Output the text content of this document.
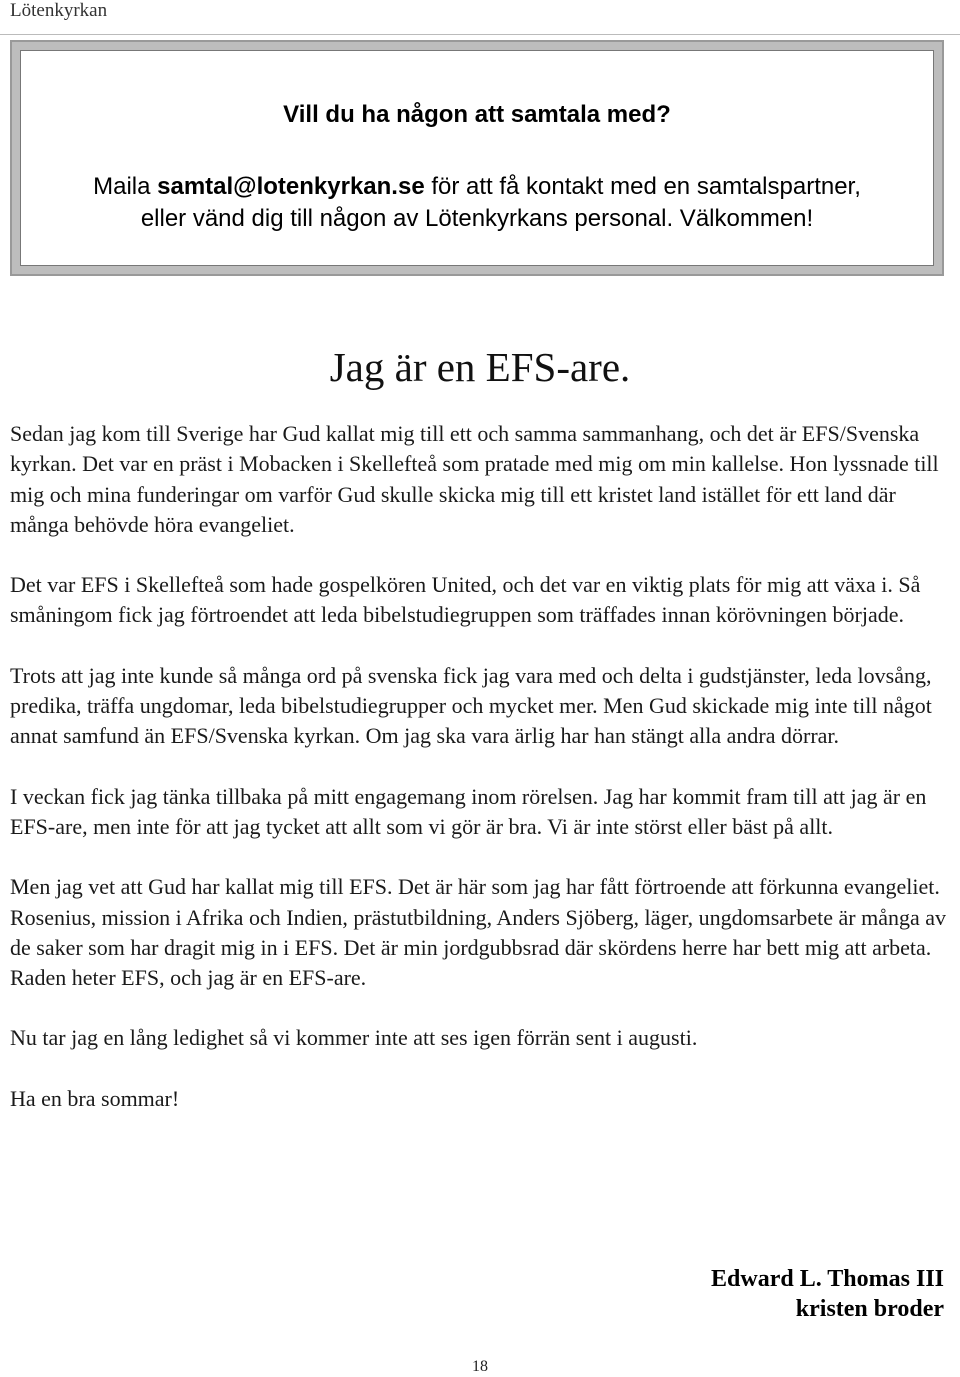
Lötenkyrkan
Vill du ha någon att samtala med?
Maila samtal@lotenkyrkan.se för att få kontakt med en samtalspartner,
eller vänd dig till någon av Lötenkyrkans personal. Välkommen!
Jag är en EFS-are.

Sedan jag kom till Sverige har Gud kallat mig till ett och samma sammanhang, och det är EFS/Svenska kyrkan. Det var en präst i Mobacken i Skellefteå som pratade med mig om min kallelse. Hon lyssnade till mig och mina funderingar om varför Gud skulle skicka mig till ett kristet land istället för ett land där många behövde höra evangeliet.

Det var EFS i Skellefteå som hade gospelkören United, och det var en viktig plats för mig att växa i. Så småningom fick jag förtroendet att leda bibelstudiegruppen som träffades innan körövningen började.

Trots att jag inte kunde så många ord på svenska fick jag vara med och delta i gudstjänster, leda lovsång, predika, träffa ungdomar, leda bibelstudiegrupper och mycket mer. Men Gud skickade mig inte till något annat samfund än EFS/Svenska kyrkan. Om jag ska vara ärlig har han stängt alla andra dörrar.

I veckan fick jag tänka tillbaka på mitt engagemang inom rörelsen. Jag har kommit fram till att jag är en EFS-are, men inte för att jag tycket att allt som vi gör är bra. Vi är inte störst eller bäst på allt.

Men jag vet att Gud har kallat mig till EFS. Det är här som jag har fått förtroende att förkunna evangeliet. Rosenius, mission i Afrika och Indien, prästutbildning, Anders Sjöberg, läger, ungdomsarbete är många av de saker som har dragit mig in i EFS. Det är min jordgubbsrad där skördens herre har bett mig att arbeta. Raden heter EFS, och jag är en EFS-are.

Nu tar jag en lång ledighet så vi kommer inte att ses igen förrän sent i augusti.

Ha en bra sommar!

Edward L. Thomas III
kristen broder
18
